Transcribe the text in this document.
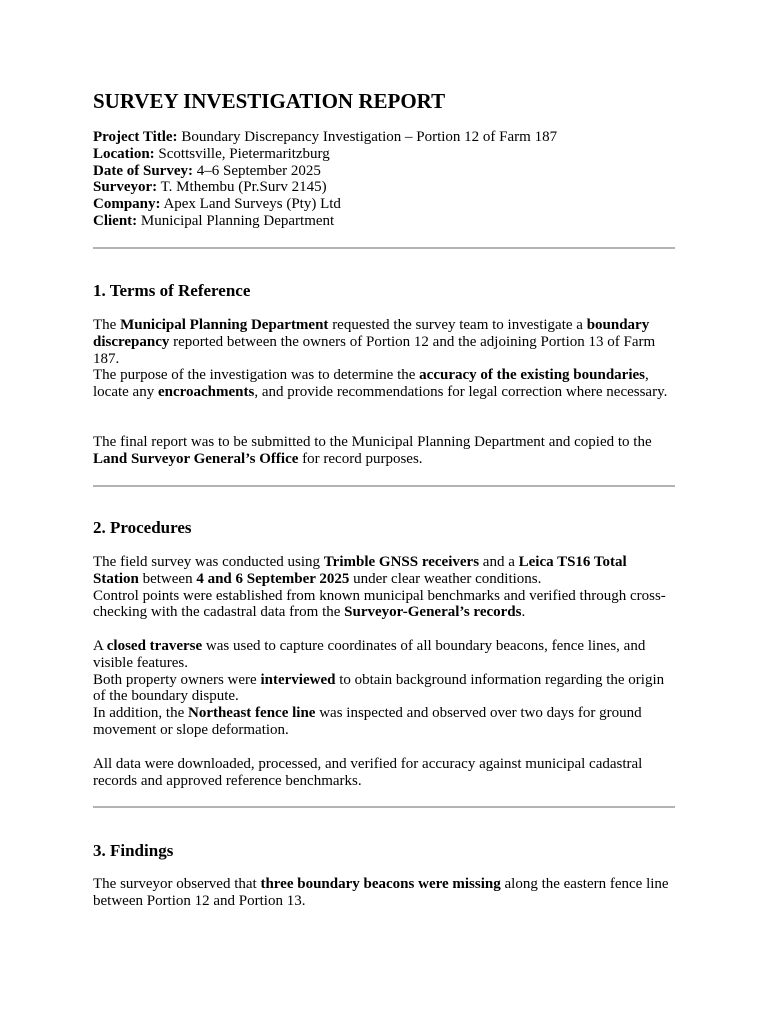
SURVEY INVESTIGATION REPORT
Project Title: Boundary Discrepancy Investigation – Portion 12 of Farm 187
Location: Scottsville, Pietermaritzburg
Date of Survey: 4–6 September 2025
Surveyor: T. Mthembu (Pr.Surv 2145)
Company: Apex Land Surveys (Pty) Ltd
Client: Municipal Planning Department
1. Terms of Reference

The Municipal Planning Department requested the survey team to investigate a boundary discrepancy reported between the owners of Portion 12 and the adjoining Portion 13 of Farm 187.
The purpose of the investigation was to determine the accuracy of the existing boundaries, locate any encroachments, and provide recommendations for legal correction where necessary.

The final report was to be submitted to the Municipal Planning Department and copied to the Land Surveyor General’s Office for record purposes.

2. Procedures

The field survey was conducted using Trimble GNSS receivers and a Leica TS16 Total Station between 4 and 6 September 2025 under clear weather conditions.
Control points were established from known municipal benchmarks and verified through cross-checking with the cadastral data from the Surveyor-General’s records.

A closed traverse was used to capture coordinates of all boundary beacons, fence lines, and visible features.
Both property owners were interviewed to obtain background information regarding the origin of the boundary dispute.
In addition, the Northeast fence line was inspected and observed over two days for ground movement or slope deformation.

All data were downloaded, processed, and verified for accuracy against municipal cadastral records and approved reference benchmarks.

3. Findings

The surveyor observed that three boundary beacons were missing along the eastern fence line between Portion 12 and Portion 13.
